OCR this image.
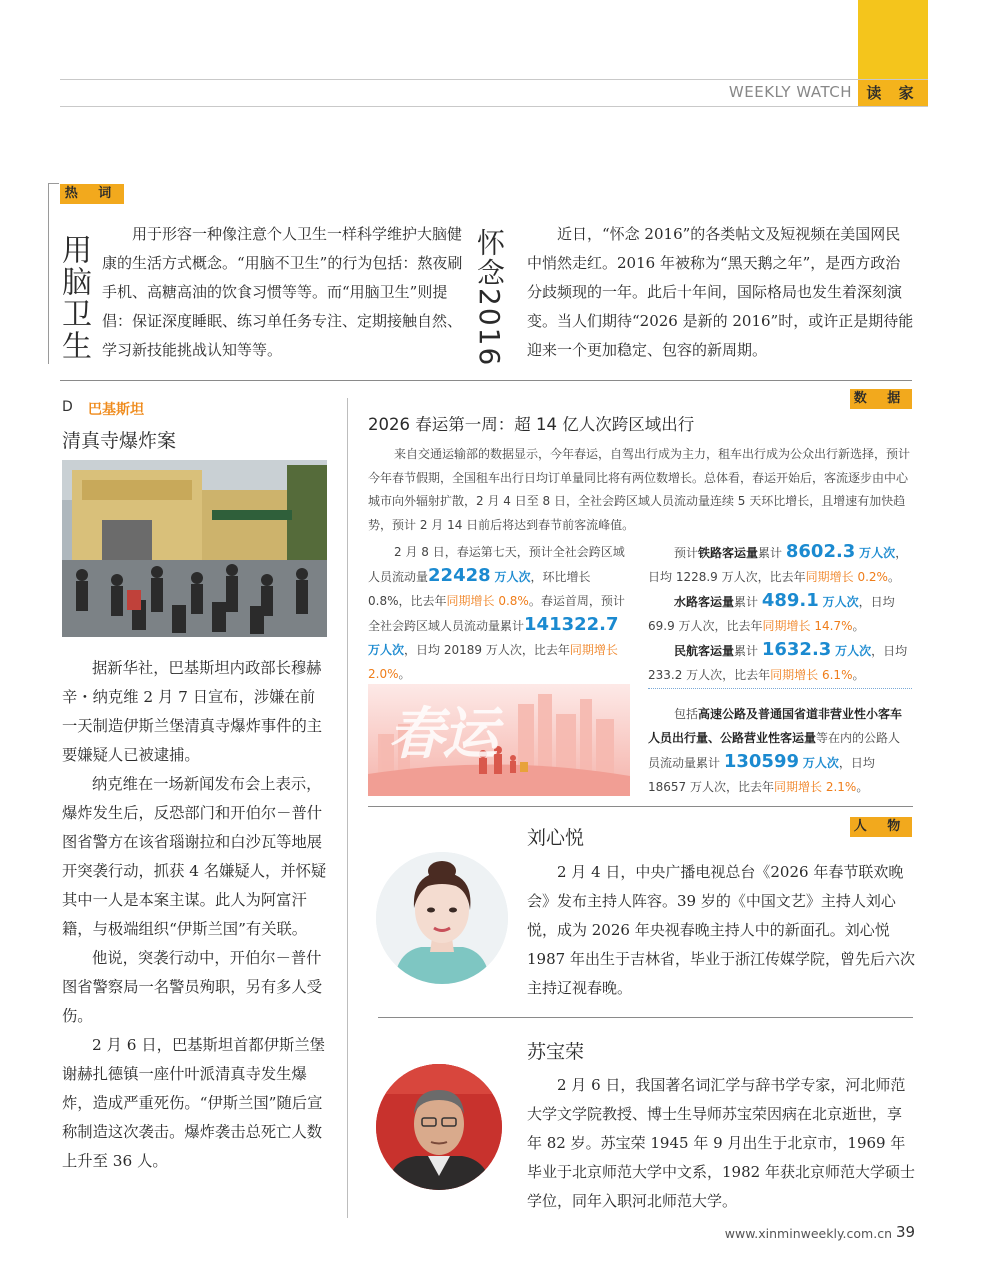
WEEKLY WATCH 读 家
热 词
用脑卫生	用于形容一种像注意个人卫生一样科学维护大脑健康的生活方式概念。“用脑不卫生”的行为包括：熬夜刷手机、高糖高油的饮食习惯等等。而“用脑卫生”则提倡：保证深度睡眠、练习单任务专注、定期接触自然、学习新技能挑战认知等等。	怀念2016	近日，“怀念 2016”的各类帖文及短视频在美国网民中悄然走红。2016 年被称为“黑天鹅之年”，是西方政治分歧频现的一年。此后十年间，国际格局也发生着深刻演变。当人们期待“2026 是新的 2016”时，或许正是期待能迎来一个更加稳定、包容的新周期。

D 巴基斯坦
清真寺爆炸案

据新华社，巴基斯坦内政部长穆赫辛・纳克维 2 月 7 日宣布，涉嫌在前一天制造伊斯兰堡清真寺爆炸事件的主要嫌疑人已被逮捕。

纳克维在一场新闻发布会上表示，爆炸发生后，反恐部门和开伯尔－普什图省警方在该省瑙谢拉和白沙瓦等地展开突袭行动，抓获 4 名嫌疑人，并怀疑其中一人是本案主谋。此人为阿富汗籍，与极端组织“伊斯兰国”有关联。

他说，突袭行动中，开伯尔－普什图省警察局一名警员殉职，另有多人受伤。

2 月 6 日，巴基斯坦首都伊斯兰堡谢赫扎德镇一座什叶派清真寺发生爆炸，造成严重死伤。“伊斯兰国”随后宣称制造这次袭击。爆炸袭击总死亡人数上升至 36 人。

数 据
2026 春运第一周：超 14 亿人次跨区域出行

来自交通运输部的数据显示，今年春运，自驾出行成为主力，租车出行成为公众出行新选择，预计今年春节假期，全国租车出行日均订单量同比将有两位数增长。总体看，春运开始后，客流逐步由中心城市向外辐射扩散，2 月 4 日至 8 日，全社会跨区域人员流动量连续 5 天环比增长，且增速有加快趋势，预计 2 月 14 日前后将达到春节前客流峰值。

2 月 8 日，春运第七天，预计全社会跨区域人员流动量22428 万人次，环比增长 0.8%，比去年同期增长 0.8%。春运首周，预计全社会跨区域人员流动量累计141322.7 万人次，日均 20189 万人次，比去年同期增长 2.0%。

预计铁路客运量累计 8602.3 万人次，日均 1228.9 万人次，比去年同期增长 0.2%。

水路客运量累计 489.1 万人次，日均 69.9 万人次，比去年同期增长 14.7%。

民航客运量累计 1632.3 万人次，日均 233.2 万人次，比去年同期增长 6.1%。

包括高速公路及普通国省道非营业性小客车人员出行量、公路营业性客运量等在内的公路人员流动量累计 130599 万人次，日均 18657 万人次，比去年同期增长 2.1%。

春运
人 物
刘心悦

2 月 4 日，中央广播电视总台《2026 年春节联欢晚会》发布主持人阵容。39 岁的《中国文艺》主持人刘心悦，成为 2026 年央视春晚主持人中的新面孔。刘心悦 1987 年出生于吉林省，毕业于浙江传媒学院，曾先后六次主持辽视春晚。

苏宝荣

2 月 6 日，我国著名词汇学与辞书学专家，河北师范大学文学院教授、博士生导师苏宝荣因病在北京逝世，享年 82 岁。苏宝荣 1945 年 9 月出生于北京市，1969 年毕业于北京师范大学中文系，1982 年获北京师范大学硕士学位，同年入职河北师范大学。

www.xinminweekly.com.cn 39
